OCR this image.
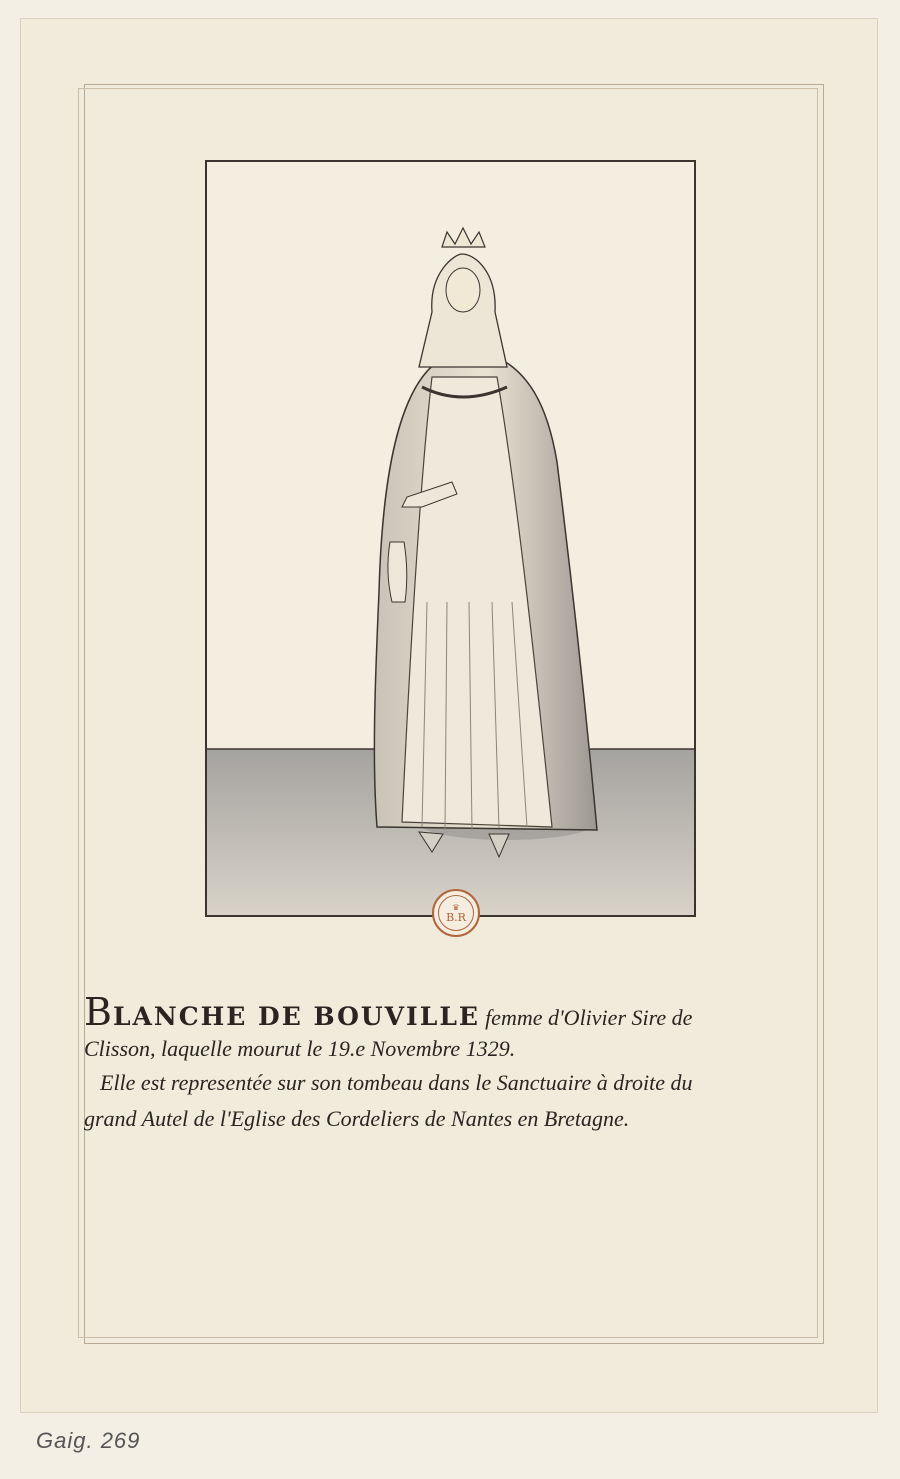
♛
B.R
BLANCHE DE BOUVILLE femme d'Olivier Sire de
Clisson, laquelle mourut le 19.e Novembre 1329.
Elle est representée sur son tombeau dans le Sanctuaire à droite du
grand Autel de l'Eglise des Cordeliers de Nantes en Bretagne.
Gaig. 269
